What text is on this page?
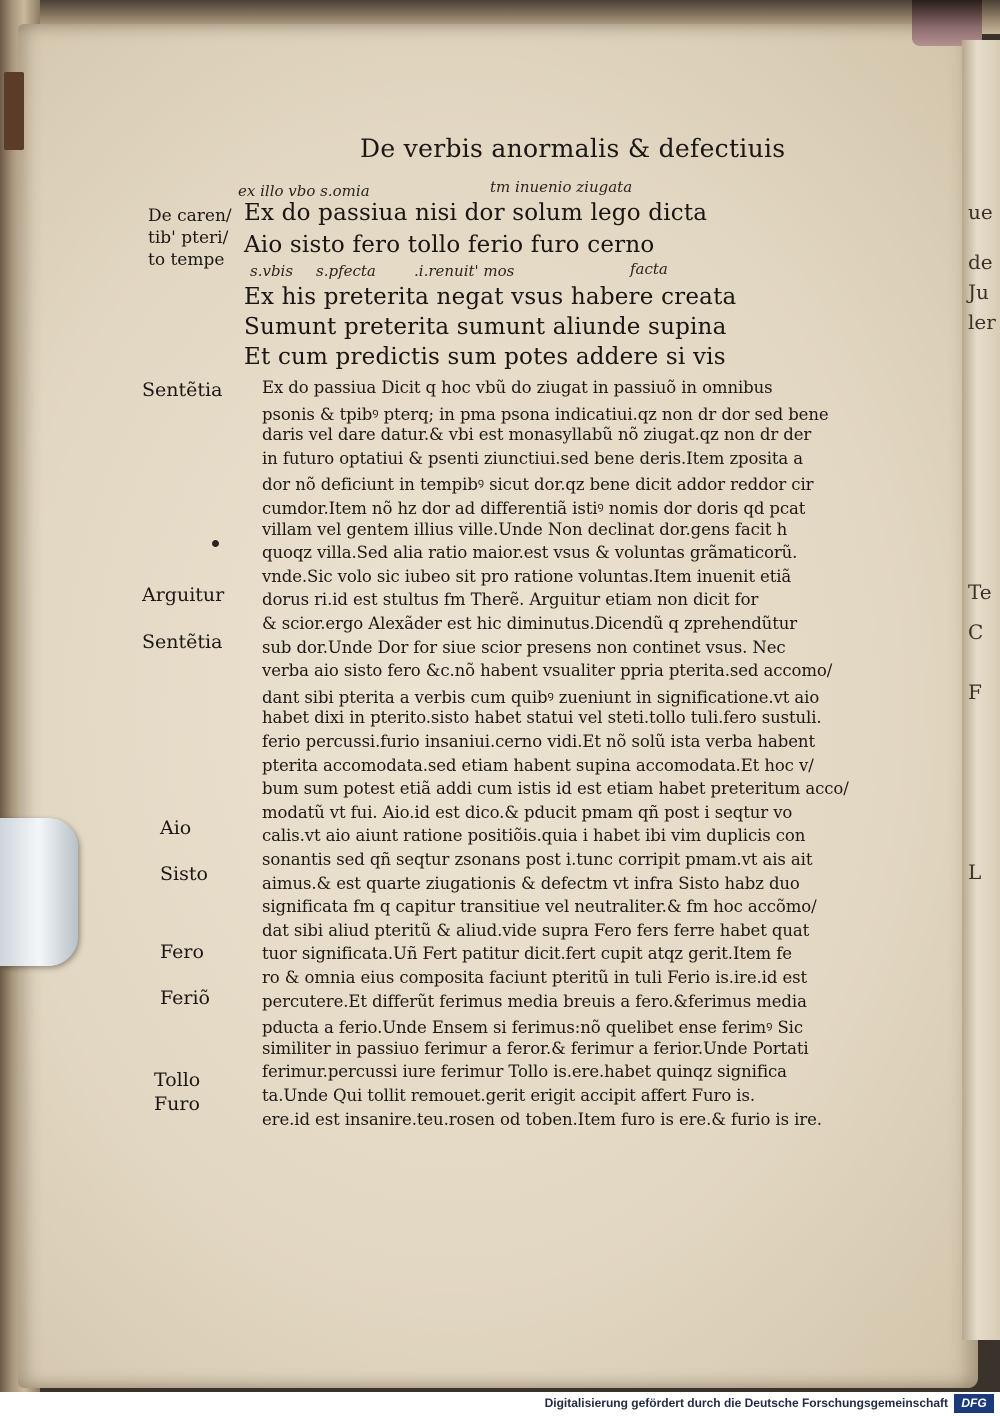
ue
de
Ju
ler
C
Te
F
L
De verbis anormalis & defectiuis
ex illo vbo s.omia	tm inuenio ziugata
Ex do passiua nisi dor solum lego dicta
Aio sisto fero tollo ferio furo cerno
s.vbis s.pfecta	.i.renuit' mos	facta
Ex his preterita negat vsus habere creata
Sumunt preterita sumunt aliunde supina
Et cum predictis sum potes addere si vis
De caren/
tib' pteri/
to tempe
Sentẽtia
Arguitur
Sentẽtia
Aio
Sisto
Fero
Feriõ
Tollo
Furo
Ex do passiua Dicit q hoc vbũ do ziugat in passiuõ in omnibus
psonis & tpibꝰ pterq; in pma psona indicatiui.qz non dr dor sed bene
daris vel dare datur.& vbi est monasyllabũ nõ ziugat.qz non dr der
in futuro optatiui & psenti ziunctiui.sed bene deris.Item zposita a
dor nõ deficiunt in tempibꝰ sicut dor.qz bene dicit addor reddor cir
cumdor.Item nõ hz dor ad differentiã istiꝰ nomis dor doris qd pcat
villam vel gentem illius ville.Unde Non declinat dor.gens facit h
quoqz villa.Sed alia ratio maior.est vsus & voluntas grãmaticorũ.
vnde.Sic volo sic iubeo sit pro ratione voluntas.Item inuenit etiã
dorus ri.id est stultus fm Therẽ. Arguitur etiam non dicit for
& scior.ergo Alexãder est hic diminutus.Dicendũ q zprehendũtur
sub dor.Unde Dor for siue scior presens non continet vsus. Nec
verba aio sisto fero &c.nõ habent vsualiter ppria pterita.sed accomo/
dant sibi pterita a verbis cum quibꝰ zueniunt in significatione.vt aio
habet dixi in pterito.sisto habet statui vel steti.tollo tuli.fero sustuli.
ferio percussi.furio insaniui.cerno vidi.Et nõ solũ ista verba habent
pterita accomodata.sed etiam habent supina accomodata.Et hoc v/
bum sum potest etiã addi cum istis id est etiam habet preteritum acco/
modatũ vt fui. Aio.id est dico.& pducit pmam qñ post i seqtur vo
calis.vt aio aiunt ratione positiõis.quia i habet ibi vim duplicis con
sonantis sed qñ seqtur zsonans post i.tunc corripit pmam.vt ais ait
aimus.& est quarte ziugationis & defectm vt infra Sisto habz duo
significata fm q capitur transitiue vel neutraliter.& fm hoc accõmo/
dat sibi aliud pteritũ & aliud.vide supra Fero fers ferre habet quat
tuor significata.Uñ Fert patitur dicit.fert cupit atqz gerit.Item fe
ro & omnia eius composita faciunt pteritũ in tuli Ferio is.ire.id est
percutere.Et differũt ferimus media breuis a fero.&ferimus media
pducta a ferio.Unde Ensem si ferimus:nõ quelibet ense ferimꝰ Sic
similiter in passiuo ferimur a feror.& ferimur a ferior.Unde Portati
ferimur.percussi iure ferimur Tollo is.ere.habet quinqz significa
ta.Unde Qui tollit remouet.gerit erigit accipit affert Furo is.
ere.id est insanire.teu.rosen od toben.Item furo is ere.& furio is ire.
Digitalisierung gefördert durch die Deutsche Forschungsgemeinschaft	DFG
